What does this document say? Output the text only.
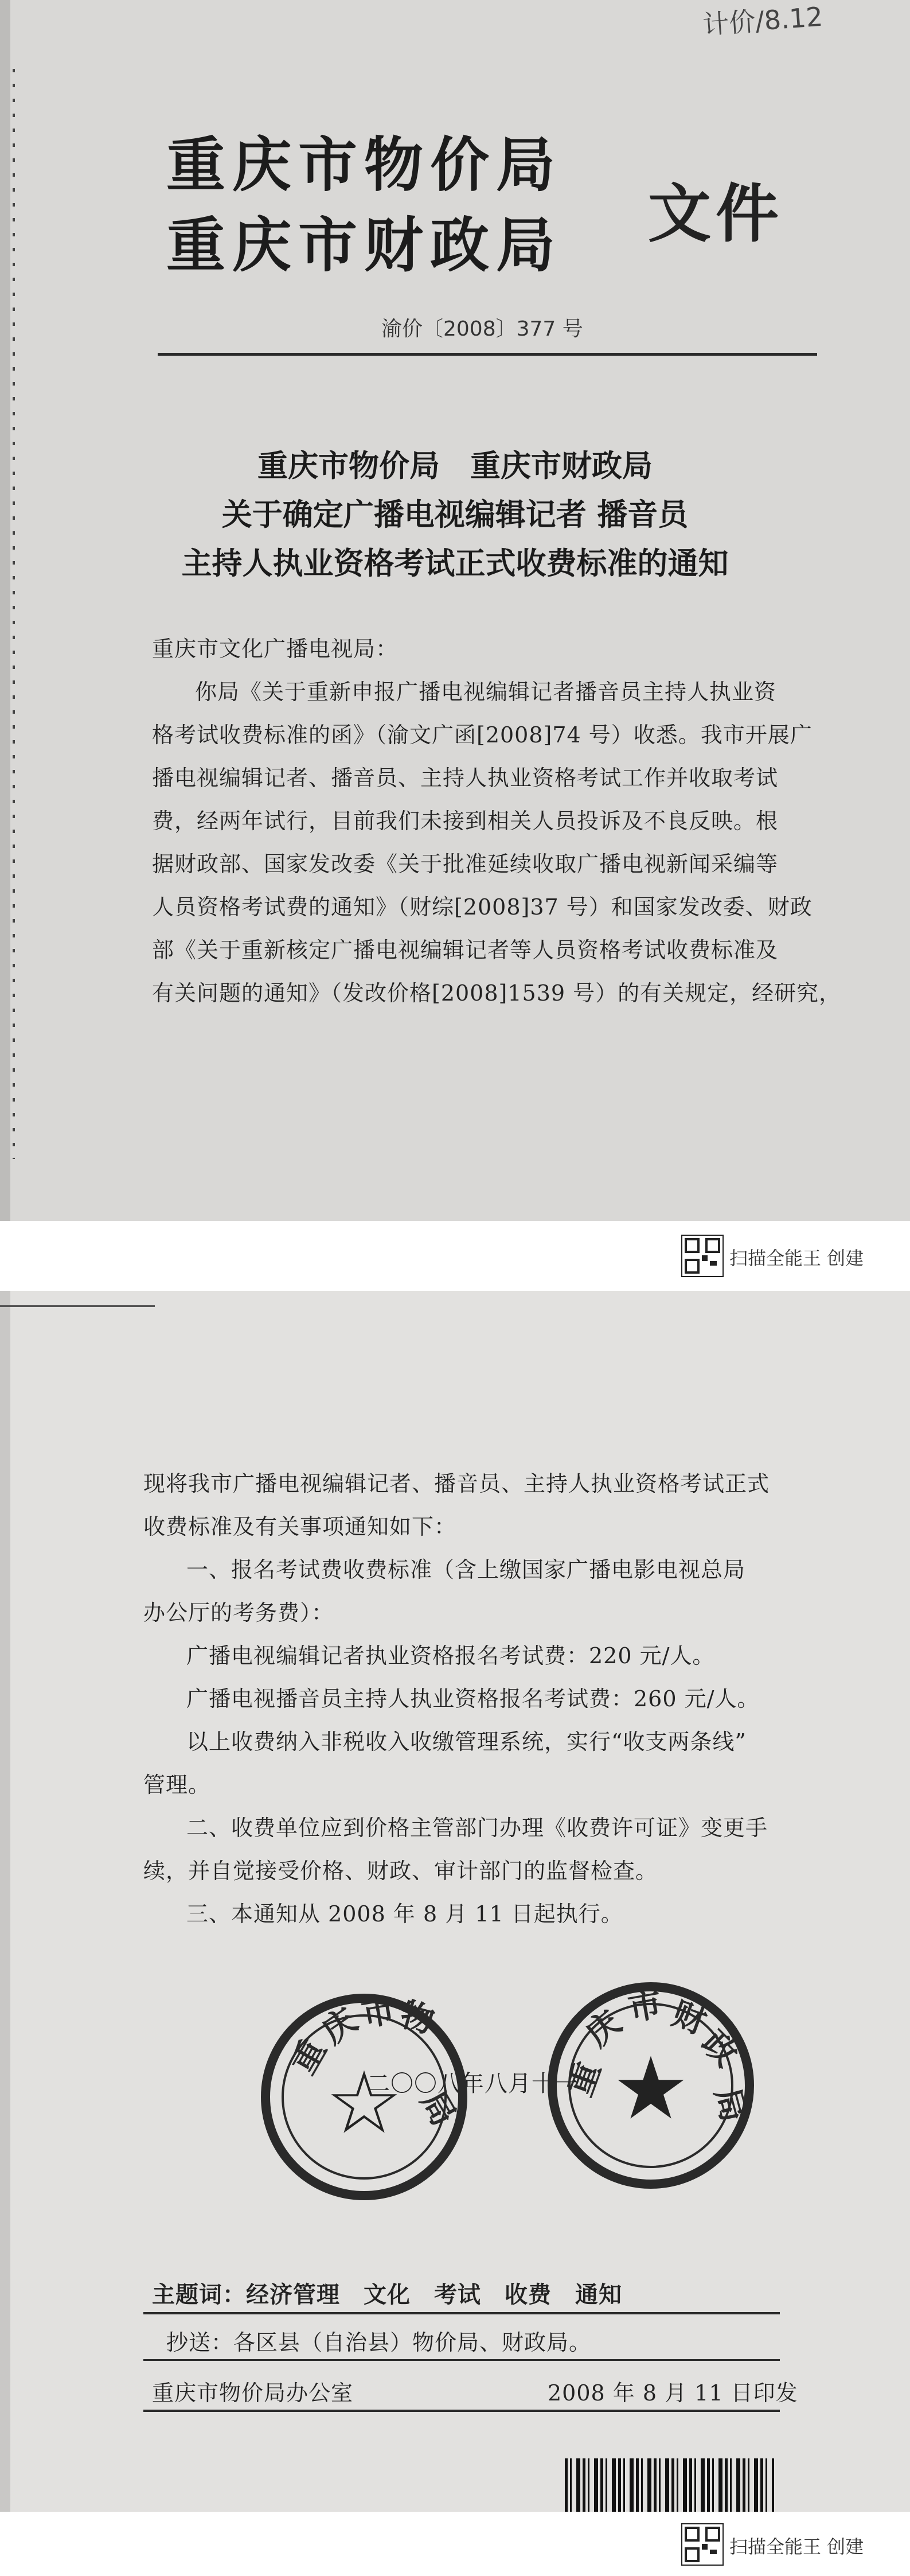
计价/8.12
重庆市物价局
重庆市财政局 文件
渝价〔2008〕377 号
重庆市物价局　重庆市财政局
关于确定广播电视编辑记者 播音员
主持人执业资格考试正式收费标准的通知
重庆市文化广播电视局：
你局《关于重新申报广播电视编辑记者播音员主持人执业资
格考试收费标准的函》（渝文广函[2008]74 号）收悉。我市开展广
播电视编辑记者、播音员、主持人执业资格考试工作并收取考试
费，经两年试行，目前我们未接到相关人员投诉及不良反映。根
据财政部、国家发改委《关于批准延续收取广播电视新闻采编等
人员资格考试费的通知》（财综[2008]37 号）和国家发改委、财政
部《关于重新核定广播电视编辑记者等人员资格考试收费标准及
有关问题的通知》（发改价格[2008]1539 号）的有关规定，经研究，
扫描全能王 创建
现将我市广播电视编辑记者、播音员、主持人执业资格考试正式
收费标准及有关事项通知如下：
一、报名考试费收费标准（含上缴国家广播电影电视总局
办公厅的考务费）：
广播电视编辑记者执业资格报名考试费：220 元/人。
广播电视播音员主持人执业资格报名考试费：260 元/人。
以上收费纳入非税收入收缴管理系统，实行“收支两条线”
管理。
二、收费单位应到价格主管部门办理《收费许可证》变更手
续，并自觉接受价格、财政、审计部门的监督检查。
三、本通知从 2008 年 8 月 11 日起执行。
二〇〇八年八月十一
☆
重
庆
市
物
局	★
重
庆
市 财
政
局
主题词：经济管理　文化　考试　收费　通知
抄送：各区县（自治县）物价局、财政局。
重庆市物价局办公室	2008 年 8 月 11 日印发
扫描全能王 创建
